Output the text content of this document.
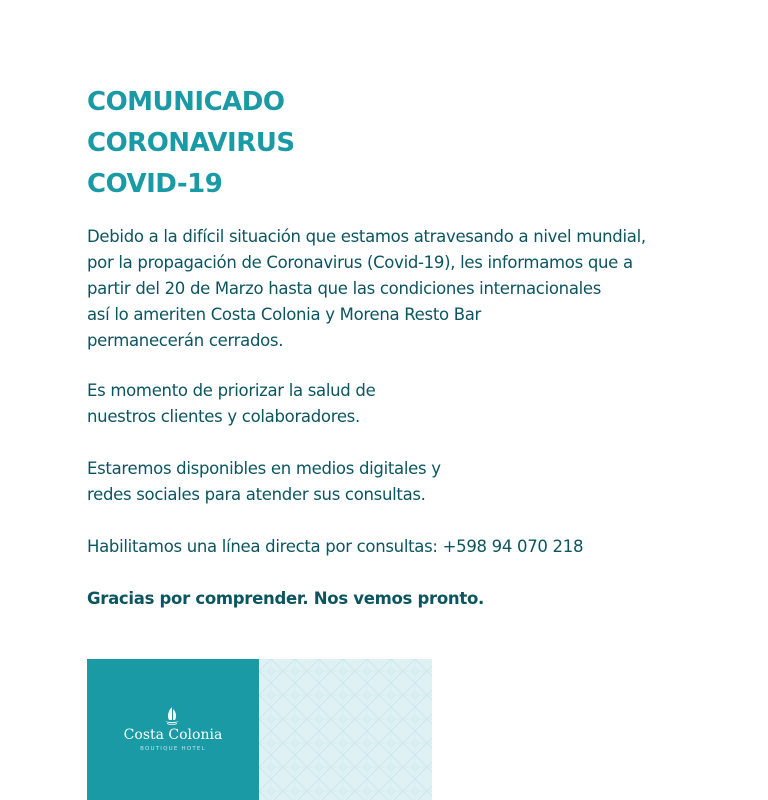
COMUNICADO
CORONAVIRUS
COVID-19

Debido a la difícil situación que estamos atravesando a nivel mundial,
por la propagación de Coronavirus (Covid-19), les informamos que a
partir del 20 de Marzo hasta que las condiciones internacionales
así lo ameriten Costa Colonia y Morena Resto Bar
permanecerán cerrados.

Es momento de priorizar la salud de
nuestros clientes y colaboradores.

Estaremos disponibles en medios digitales y
redes sociales para atender sus consultas.

Habilitamos una línea directa por consultas: +598 94 070 218

Gracias por comprender. Nos vemos pronto.

Costa Colonia
BOUTIQUE HOTEL
